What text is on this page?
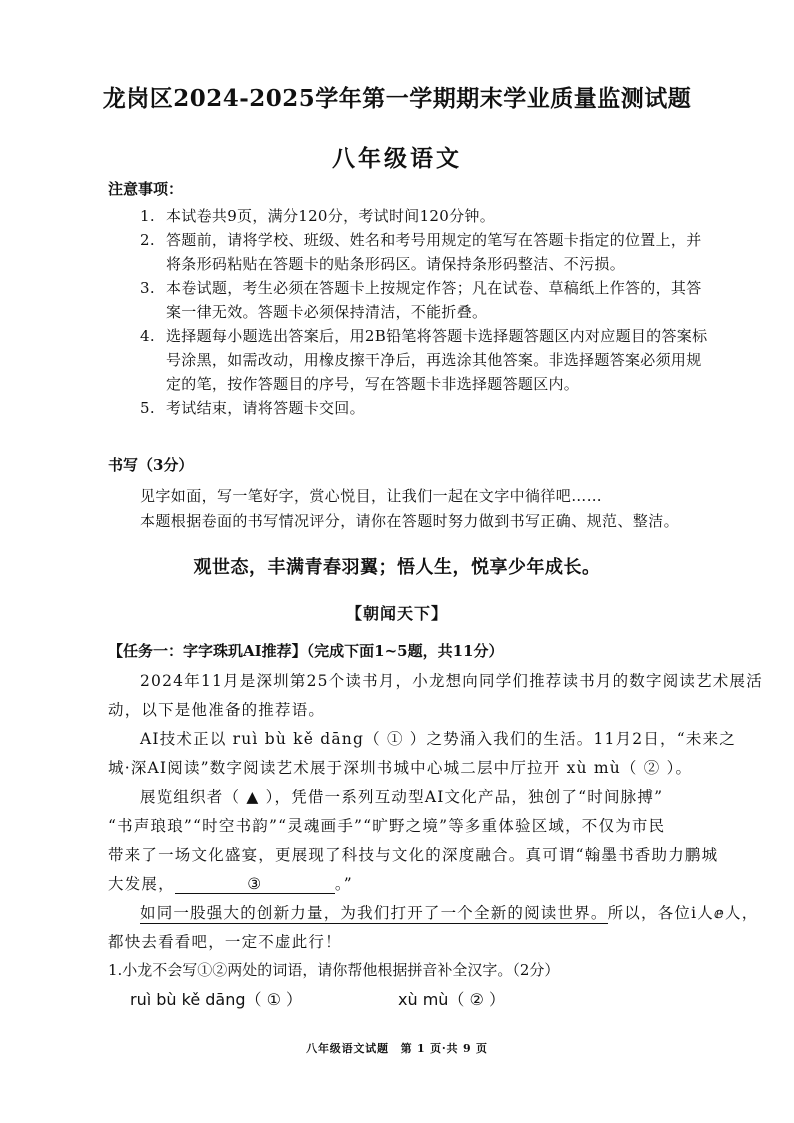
龙岗区2024-2025学年第一学期期末学业质量监测试题
八年级语文
注意事项：
1. 本试卷共9页，满分120分，考试时间120分钟。
2. 答题前，请将学校、班级、姓名和考号用规定的笔写在答题卡指定的位置上，并
将条形码粘贴在答题卡的贴条形码区。请保持条形码整洁、不污损。
3. 本卷试题，考生必须在答题卡上按规定作答；凡在试卷、草稿纸上作答的，其答
案一律无效。答题卡必须保持清洁，不能折叠。
4. 选择题每小题选出答案后，用2B铅笔将答题卡选择题答题区内对应题目的答案标
号涂黑，如需改动，用橡皮擦干净后，再选涂其他答案。非选择题答案必须用规
定的笔，按作答题目的序号，写在答题卡非选择题答题区内。
5. 考试结束，请将答题卡交回。
书写（3分）
见字如面，写一笔好字，赏心悦目，让我们一起在文字中徜徉吧……
本题根据卷面的书写情况评分，请你在答题时努力做到书写正确、规范、整洁。
观世态，丰满青春羽翼；悟人生，悦享少年成长。
【朝闻天下】
【任务一：字字珠玑AI推荐】（完成下面1~5题，共11分）
2024年11月是深圳第25个读书月，小龙想向同学们推荐读书月的数字阅读艺术展活
动，以下是他准备的推荐语。
AI技术正以 ruì bù kě dāng（ ① ）之势涌入我们的生活。11月2日，“未来之
城·深AI阅读”数字阅读艺术展于深圳书城中心城二层中厅拉开 xù mù（ ② ）。
展览组织者（ ▲ ），凭借一系列互动型AI文化产品，独创了“时间脉搏”
“书声琅琅”“时空书韵”“灵魂画手”“旷野之境”等多重体验区域，不仅为市民
带来了一场文化盛宴，更展现了科技与文化的深度融合。真可谓“翰墨书香助力鹏城
大发展，	③	。”
如同一股强大的创新力量，为我们打开了一个全新的阅读世界。所以，各位ⅰ人ⅇ人，
都快去看看吧，一定不虚此行！
1.小龙不会写①②两处的词语，请你帮他根据拼音补全汉字。（2分）
ruì bù kě dāng（ ① ）	xù mù（ ② ）
八年级语文试题　第 1 页·共 9 页
